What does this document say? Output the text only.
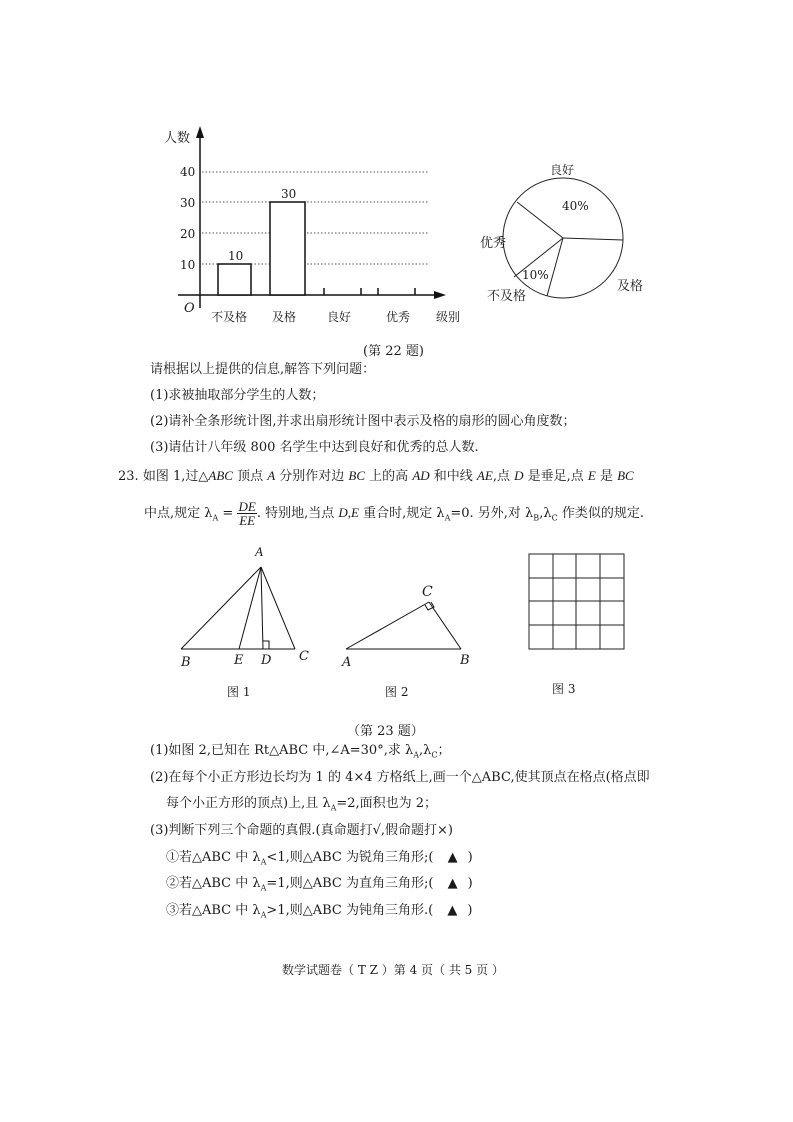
人数
40
30
20
10
O
10
30
不及格 及格	良好	优秀 级别
良好
40%
及格
10%
不及格
优秀
(第 22 题)
请根据以上提供的信息,解答下列问题：
(1)求被抽取部分学生的人数；
(2)请补全条形统计图,并求出扇形统计图中表示及格的扇形的圆心角度数；
(3)请估计八年级 800 名学生中达到良好和优秀的总人数.
23. 如图 1,过△ABC 顶点 A 分别作对边 BC 上的高 AD 和中线 AE,点 D 是垂足,点 E 是 BC
中点,规定 $\lambda_A = \frac{DE}{EE}$ . 特别地,当点 D,E 重合时,规定 $\lambda_A=0$. 另外,对 $\lambda_B,\lambda_C$ 作类似的规定.
A
B	E D C
图 1
C
A	B
图 2	图 3
（第 23 题）
(1)如图 2,已知在 Rt△ABC 中,∠A=30°,求 $\lambda_A,\lambda_C$；
(2)在每个小正方形边长均为 1 的 4×4 方格纸上,画一个△ABC,使其顶点在格点(格点即
每个小正方形的顶点)上,且 $\lambda_A=2$,面积也为 2；
(3)判断下列三个命题的真假.(真命题打√,假命题打×)
①若△ABC 中 $\lambda_A<1$,则△ABC 为锐角三角形;( ▲ )
②若△ABC 中 $\lambda_A=1$,则△ABC 为直角三角形;( ▲ )
③若△ABC 中 $\lambda_A>1$,则△ABC 为钝角三角形.( ▲ )
数学试题卷（ T Z ）第 4 页（ 共 5 页 ）
